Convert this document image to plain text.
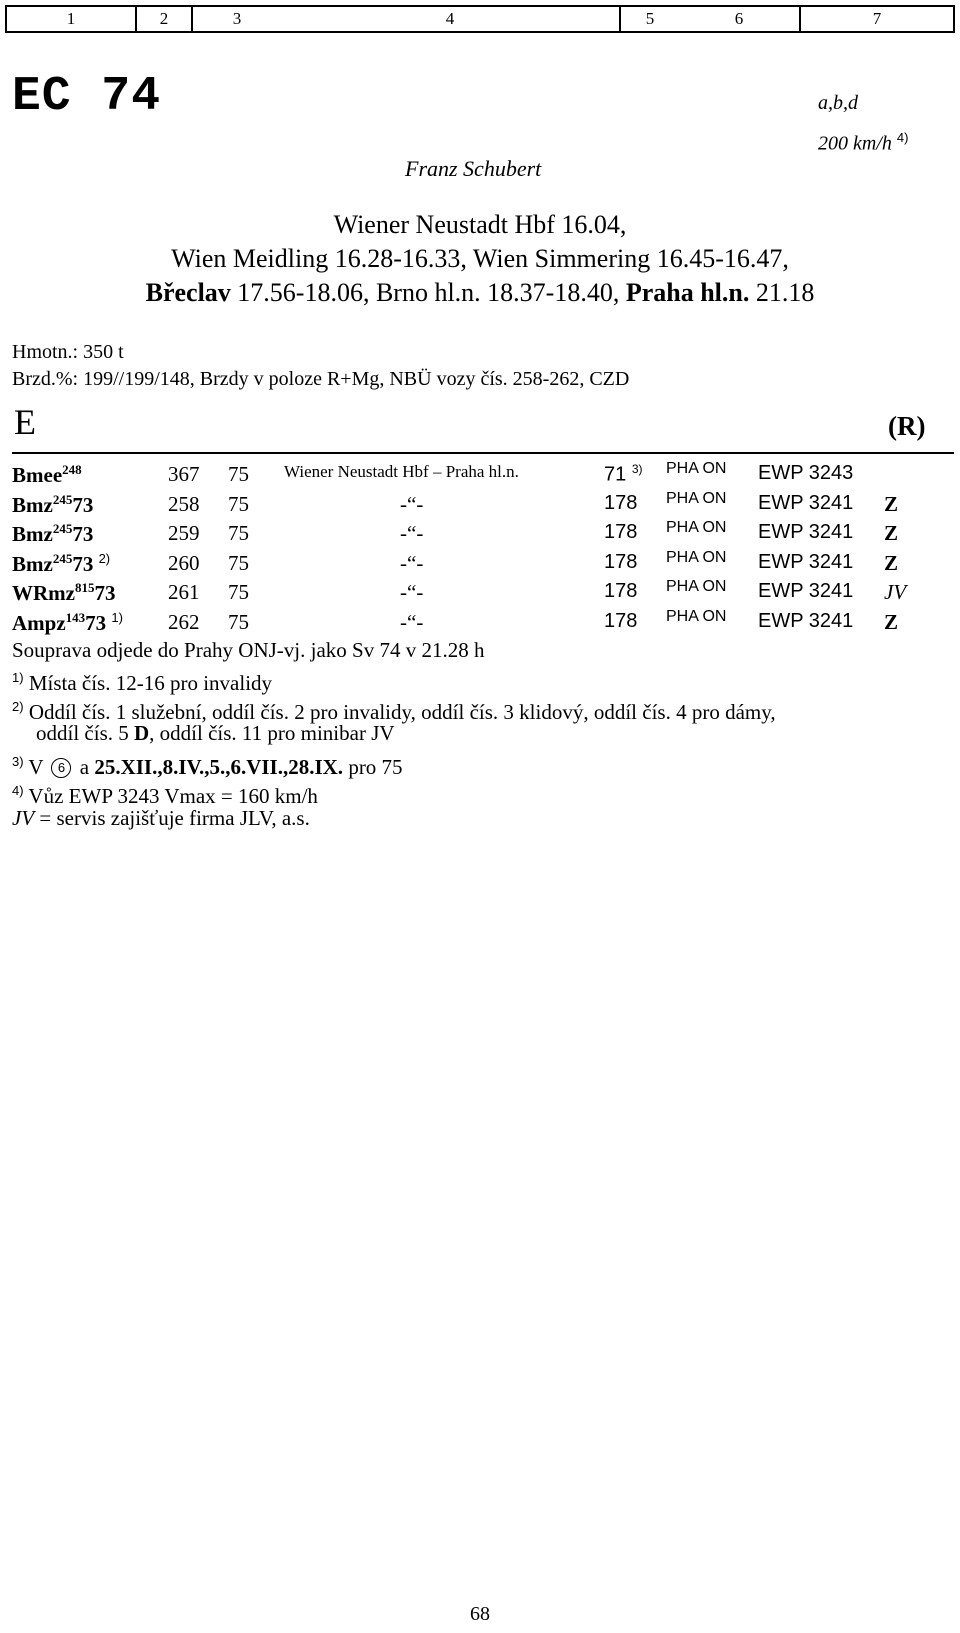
1	2	3	4	5	6	7
EC 74	a,b,d
200 km/h $^{4)}$
Franz Schubert
Wiener Neustadt Hbf 16.04,
Wien Meidling 16.28-16.33, Wien Simmering 16.45-16.47,
Břeclav 17.56-18.06, Brno hl.n. 18.37-18.40, Praha hl.n. 21.18
Hmotn.: 350 t
Brzd.%: 199//199/148, Brzdy v poloze R+Mg, NBÜ vozy čís. 258-262, CZD
E	(R)
Bmee$^{248}$	367 75 Wiener Neustadt Hbf – Praha hl.n.	71 $^{3)}$ PHA ON EWP 3243
Bmz$^{245}$73	258 75	-“-	178 PHA ON EWP 3241 Z
Bmz$^{245}$73	259 75	-“-	178 PHA ON EWP 3241 Z
Bmz$^{245}$73 $^{2)}$	260 75	-“-	178 PHA ON EWP 3241 Z
WRmz$^{815}$73	261 75	-“-	178 PHA ON EWP 3241 JV
Ampz$^{143}$73 $^{1)}$ 262 75	-“-	178 PHA ON EWP 3241 Z
Souprava odjede do Prahy ONJ-vj. jako Sv 74 v 21.28 h
$^{1)}$ Místa čís. 12-16 pro invalidy
$^{2)}$ Oddíl čís. 1 služební, oddíl čís. 2 pro invalidy, oddíl čís. 3 klidový, oddíl čís. 4 pro dámy,
oddíl čís. 5 D, oddíl čís. 11 pro minibar JV
$^{3)}$ V 6 a 25.XII.,8.IV.,5.,6.VII.,28.IX. pro 75
$^{4)}$ Vůz EWP 3243 Vmax = 160 km/h
JV = servis zajišťuje firma JLV, a.s.
68
